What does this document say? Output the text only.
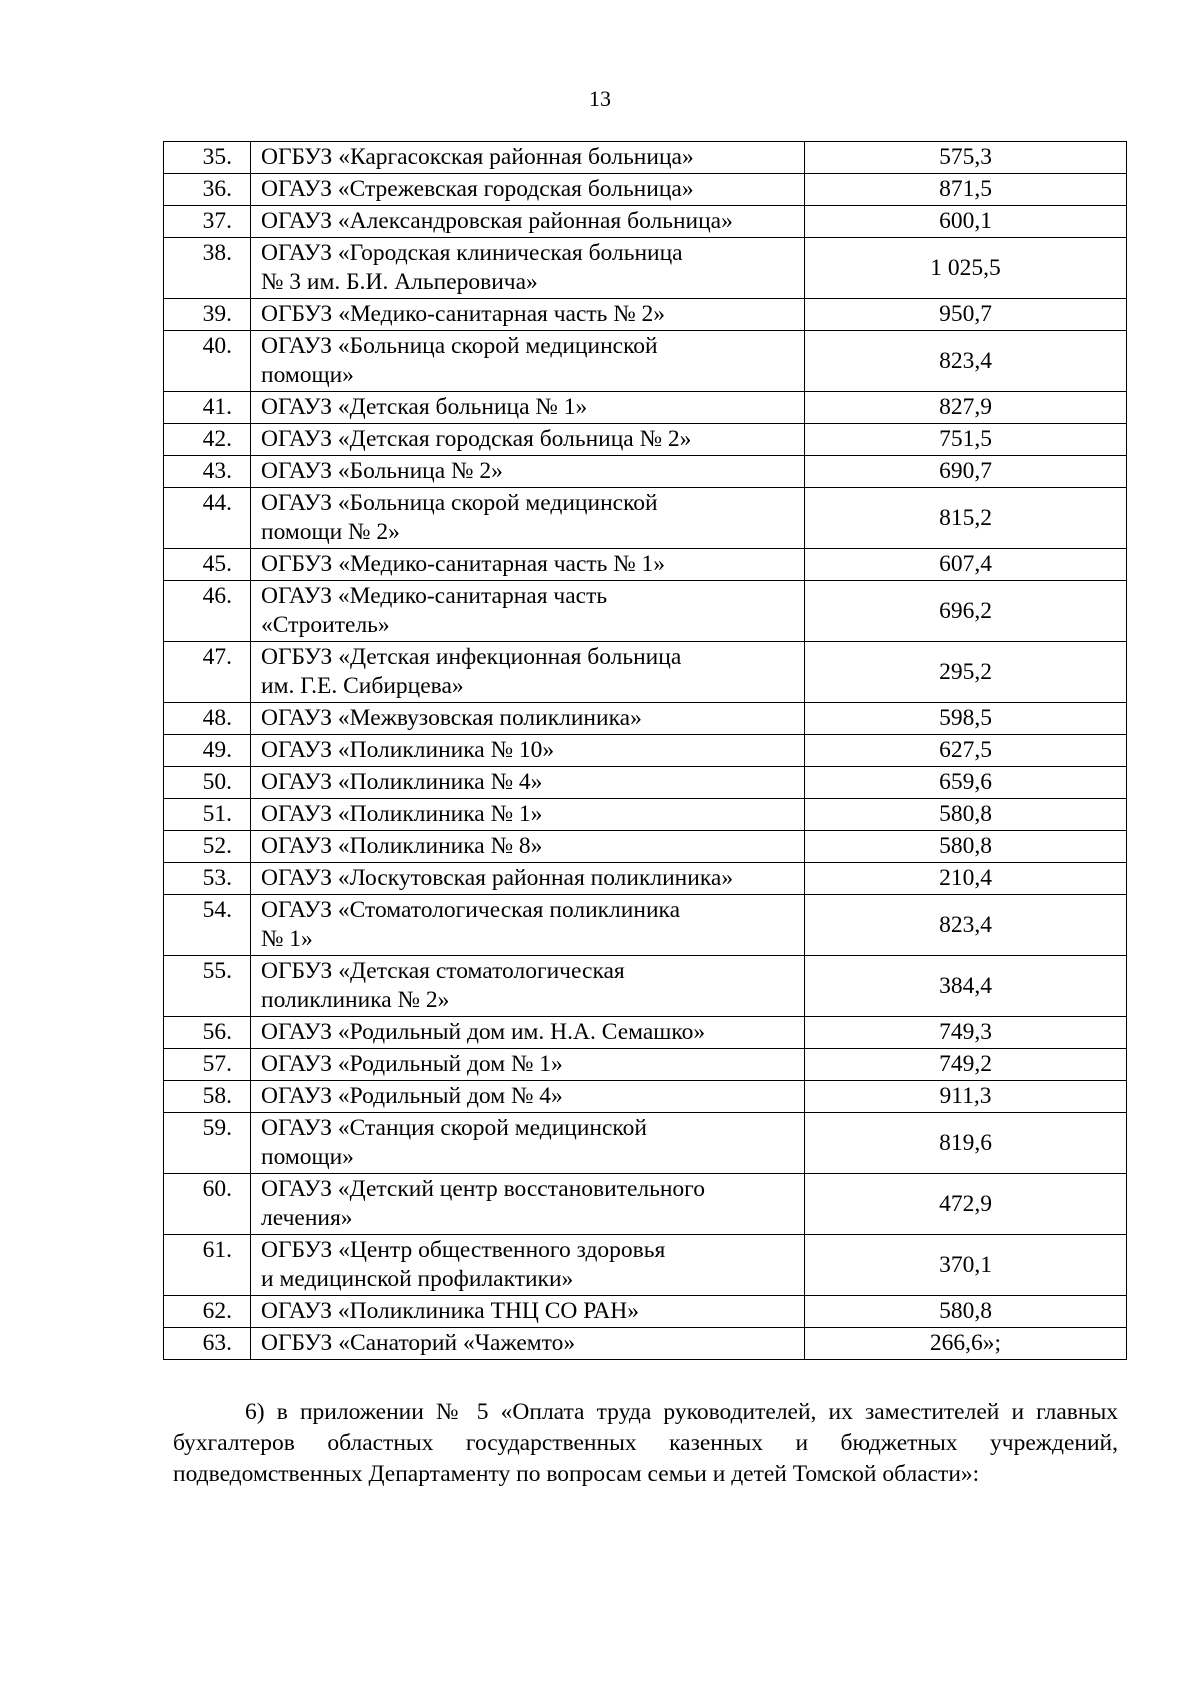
13
35.	ОГБУЗ «Каргасокская районная больница»	575,3
36.	ОГАУЗ «Стрежевская городская больница»	871,5
37.	ОГАУЗ «Александровская районная больница»	600,1
38.	ОГАУЗ «Городская клиническая больница
№ 3 им. Б.И. Альперовича»	1 025,5
39.	ОГБУЗ «Медико-санитарная часть № 2»	950,7
40.	ОГАУЗ «Больница скорой медицинской
помощи»	823,4
41.	ОГАУЗ «Детская больница № 1»	827,9
42.	ОГАУЗ «Детская городская больница № 2»	751,5
43.	ОГАУЗ «Больница № 2»	690,7
44.	ОГАУЗ «Больница скорой медицинской
помощи № 2»	815,2
45.	ОГБУЗ «Медико-санитарная часть № 1»	607,4
46.	ОГАУЗ «Медико-санитарная часть
«Строитель»	696,2
47.	ОГБУЗ «Детская инфекционная больница
им. Г.Е. Сибирцева»	295,2
48.	ОГАУЗ «Межвузовская поликлиника»	598,5
49.	ОГАУЗ «Поликлиника № 10»	627,5
50.	ОГАУЗ «Поликлиника № 4»	659,6
51.	ОГАУЗ «Поликлиника № 1»	580,8
52.	ОГАУЗ «Поликлиника № 8»	580,8
53.	ОГАУЗ «Лоскутовская районная поликлиника»	210,4
54.	ОГАУЗ «Стоматологическая поликлиника
№ 1»	823,4
55.	ОГБУЗ «Детская стоматологическая
поликлиника № 2»	384,4
56.	ОГАУЗ «Родильный дом им. Н.А. Семашко»	749,3
57.	ОГАУЗ «Родильный дом № 1»	749,2
58.	ОГАУЗ «Родильный дом № 4»	911,3
59.	ОГАУЗ «Станция скорой медицинской
помощи»	819,6
60.	ОГАУЗ «Детский центр восстановительного
лечения»	472,9
61.	ОГБУЗ «Центр общественного здоровья
и медицинской профилактики»	370,1
62.	ОГАУЗ «Поликлиника ТНЦ СО РАН»	580,8
63.	ОГБУЗ «Санаторий «Чажемто»	266,6»;

6) в приложении № 5 «Оплата труда руководителей, их заместителей и главных бухгалтеров областных государственных казенных и бюджетных учреждений, подведомственных Департаменту по вопросам семьи и детей Томской области»:
